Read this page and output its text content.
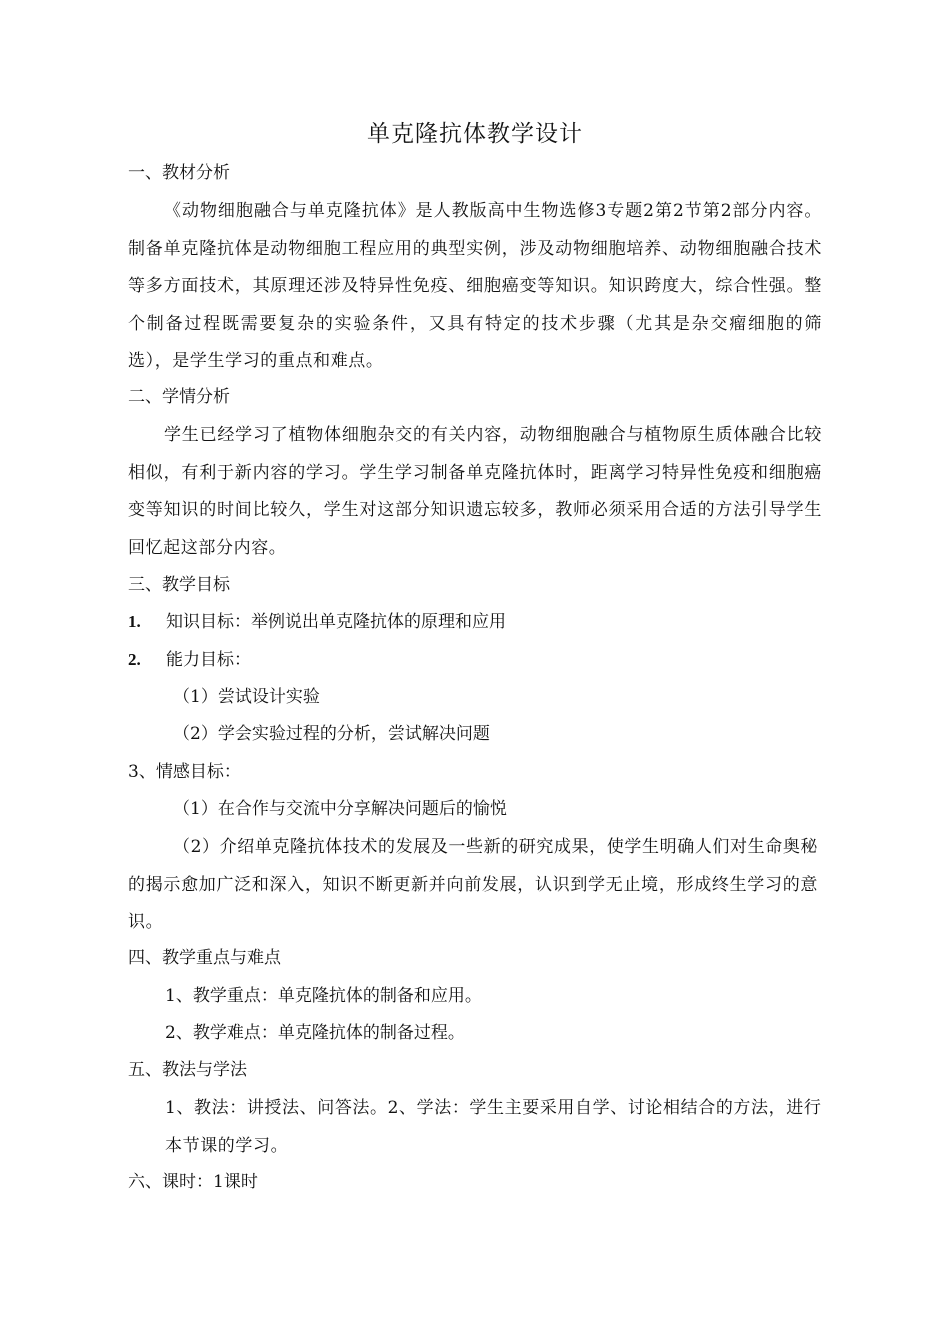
单克隆抗体教学设计
一、教材分析
《动物细胞融合与单克隆抗体》是人教版高中生物选修3专题2第2节第2部分内容。制备单克隆抗体是动物细胞工程应用的典型实例，涉及动物细胞培养、动物细胞融合技术等多方面技术，其原理还涉及特异性免疫、细胞癌变等知识。知识跨度大，综合性强。整个制备过程既需要复杂的实验条件，又具有特定的技术步骤（尤其是杂交瘤细胞的筛选），是学生学习的重点和难点。
二、学情分析
学生已经学习了植物体细胞杂交的有关内容，动物细胞融合与植物原生质体融合比较相似，有利于新内容的学习。学生学习制备单克隆抗体时，距离学习特异性免疫和细胞癌变等知识的时间比较久，学生对这部分知识遗忘较多，教师必须采用合适的方法引导学生回忆起这部分内容。
三、教学目标
1. 知识目标：举例说出单克隆抗体的原理和应用
2. 能力目标：
（1）尝试设计实验
（2）学会实验过程的分析，尝试解决问题
3、情感目标：
（1）在合作与交流中分享解决问题后的愉悦
（2）介绍单克隆抗体技术的发展及一些新的研究成果，使学生明确人们对生命奥秘的揭示愈加广泛和深入，知识不断更新并向前发展，认识到学无止境，形成终生学习的意识。
四、教学重点与难点
1、教学重点：单克隆抗体的制备和应用。
2、教学难点：单克隆抗体的制备过程。
五、教法与学法
1、教法：讲授法、问答法。2、学法：学生主要采用自学、讨论相结合的方法，进行本节课的学习。
六、课时：1课时
